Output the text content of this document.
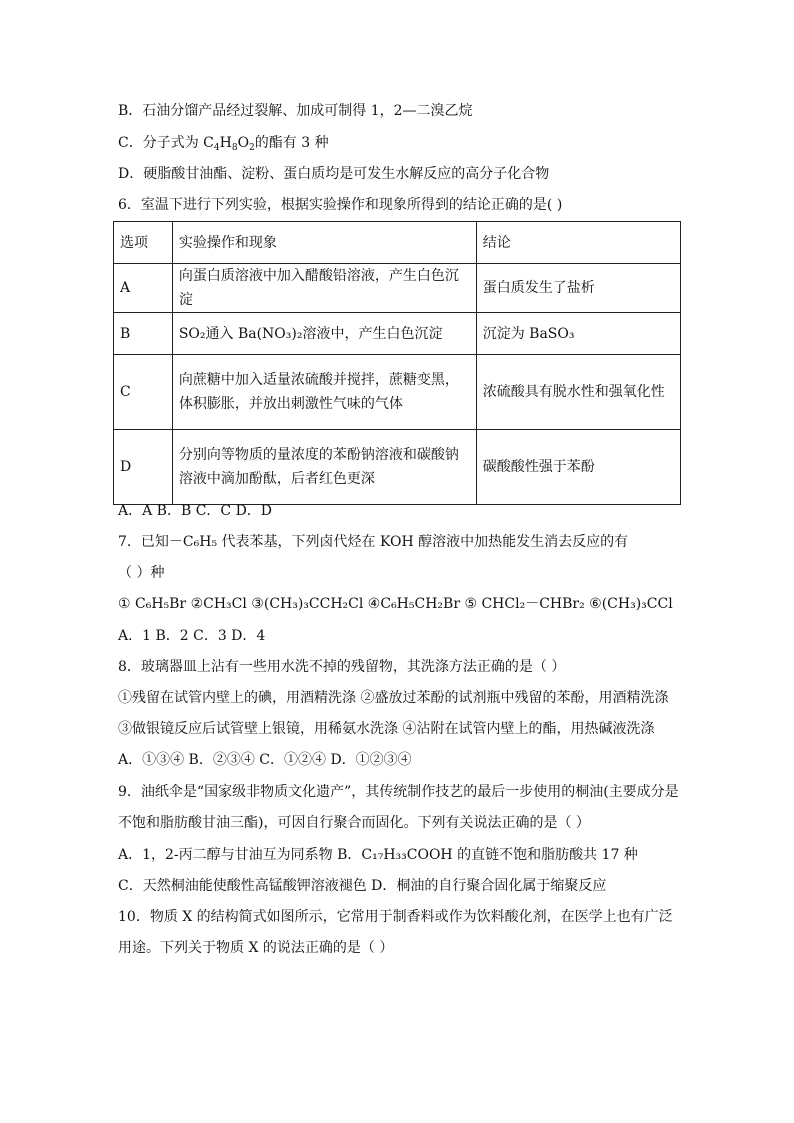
B．石油分馏产品经过裂解、加成可制得 1，2—二溴乙烷
C．分子式为 $C_4H_8O_2$的酯有 3 种
D．硬脂酸甘油酯、淀粉、蛋白质均是可发生水解反应的高分子化合物
6．室温下进行下列实验，根据实验操作和现象所得到的结论正确的是( )
选项	实验操作和现象	结论
A	向蛋白质溶液中加入醋酸铅溶液，产生白色沉淀	蛋白质发生了盐析
B	SO₂通入 Ba(NO₃)₂溶液中，产生白色沉淀	沉淀为 BaSO₃
C	向蔗糖中加入适量浓硫酸并搅拌，蔗糖变黑，体积膨胀，并放出刺激性气味的气体	浓硫酸具有脱水性和强氧化性
D	分别向等物质的量浓度的苯酚钠溶液和碳酸钠溶液中滴加酚酞，后者红色更深	碳酸酸性强于苯酚
A．A B．B C．C D．D
7．已知－C₆H₅ 代表苯基，下列卤代烃在 KOH 醇溶液中加热能发生消去反应的有
（ ）种
① C₆H₅Br ②CH₃Cl ③(CH₃)₃CCH₂Cl ④C₆H₅CH₂Br ⑤ CHCl₂－CHBr₂ ⑥(CH₃)₃CCl
A．1 B．2 C．3 D．4
8．玻璃器皿上沾有一些用水洗不掉的残留物，其洗涤方法正确的是（ ）
①残留在试管内壁上的碘，用酒精洗涤 ②盛放过苯酚的试剂瓶中残留的苯酚，用酒精洗涤
③做银镜反应后试管壁上银镜，用稀氨水洗涤 ④沾附在试管内壁上的酯，用热碱液洗涤
A．①③④ B．②③④ C．①②④ D．①②③④
9．油纸伞是“国家级非物质文化遗产”，其传统制作技艺的最后一步使用的桐油(主要成分是
不饱和脂肪酸甘油三酯)，可因自行聚合而固化。下列有关说法正确的是（ ）
A．1，2-丙二醇与甘油互为同系物 B．C₁₇H₃₃COOH 的直链不饱和脂肪酸共 17 种
C．天然桐油能使酸性高锰酸钾溶液褪色 D．桐油的自行聚合固化属于缩聚反应
10．物质 X 的结构简式如图所示，它常用于制香料或作为饮料酸化剂，在医学上也有广泛
用途。下列关于物质 X 的说法正确的是（ ）
